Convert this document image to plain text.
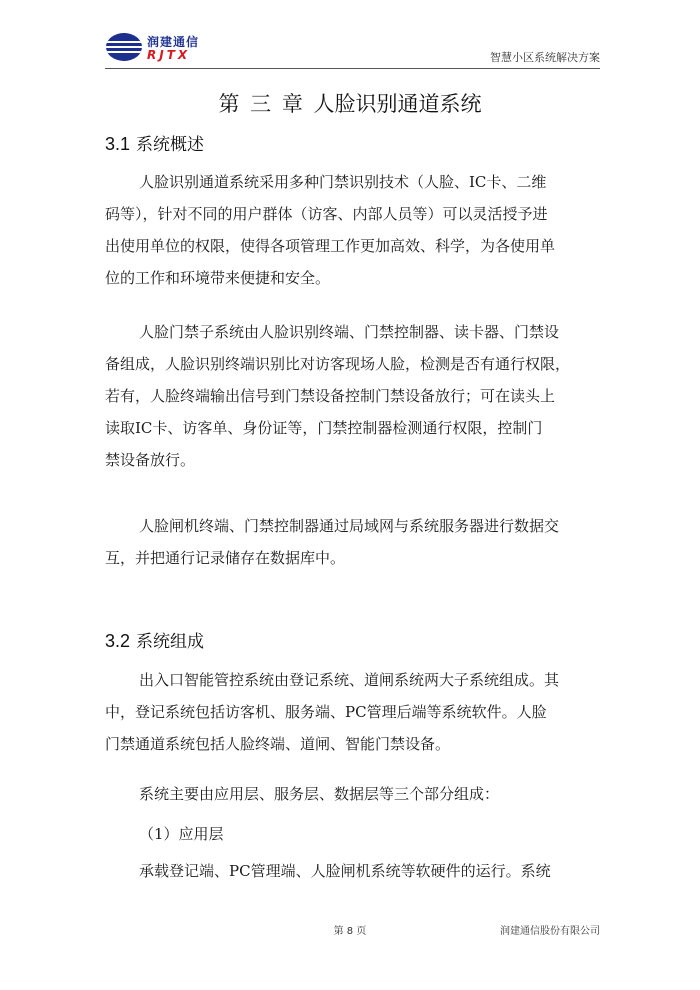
润建通信
RJTX	智慧小区系统解决方案
第 三 章 人脸识别通道系统
3.1 系统概述
人脸识别通道系统采用多种门禁识别技术（人脸、IC卡、二维
码等），针对不同的用户群体（访客、内部人员等）可以灵活授予进
出使用单位的权限，使得各项管理工作更加高效、科学，为各使用单
位的工作和环境带来便捷和安全。
人脸门禁子系统由人脸识别终端、门禁控制器、读卡器、门禁设
备组成，人脸识别终端识别比对访客现场人脸，检测是否有通行权限，
若有，人脸终端输出信号到门禁设备控制门禁设备放行；可在读头上
读取IC卡、访客单、身份证等，门禁控制器检测通行权限，控制门
禁设备放行。
人脸闸机终端、门禁控制器通过局域网与系统服务器进行数据交
互，并把通行记录储存在数据库中。
3.2 系统组成
出入口智能管控系统由登记系统、道闸系统两大子系统组成。其
中，登记系统包括访客机、服务端、PC管理后端等系统软件。人脸
门禁通道系统包括人脸终端、道闸、智能门禁设备。
系统主要由应用层、服务层、数据层等三个部分组成：
（1）应用层
承载登记端、PC管理端、人脸闸机系统等软硬件的运行。系统
第 8 页	润建通信股份有限公司
